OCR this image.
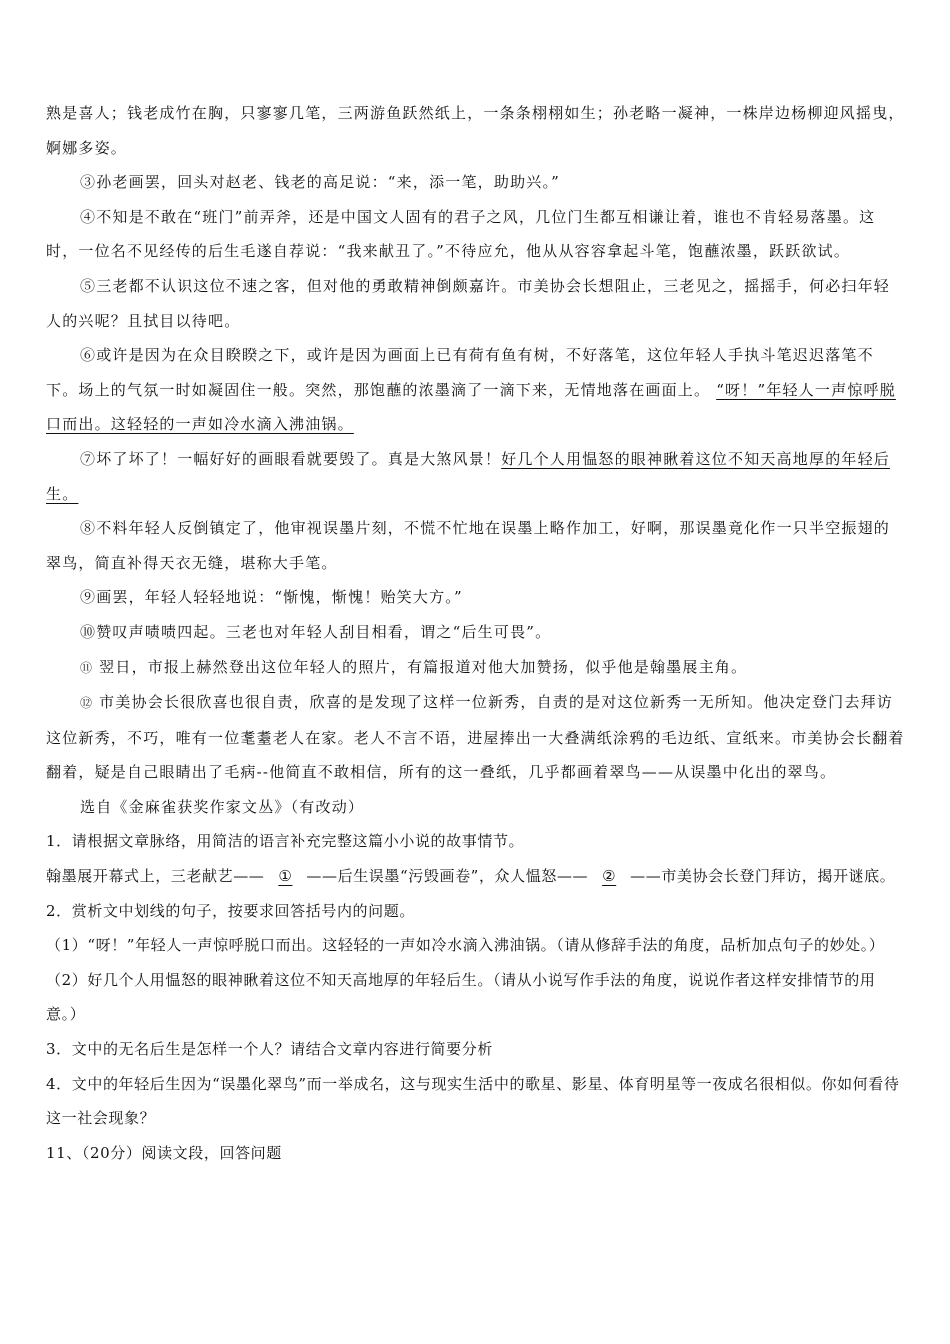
熟是喜人；钱老成竹在胸，只寥寥几笔，三两游鱼跃然纸上，一条条栩栩如生；孙老略一凝神，一株岸边杨柳迎风摇曳，婀娜多姿。

③孙老画罢，回头对赵老、钱老的高足说：“来，添一笔，助助兴。”

④不知是不敢在“班门”前弄斧，还是中国文人固有的君子之风，几位门生都互相谦让着，谁也不肯轻易落墨。这时，一位名不见经传的后生毛遂自荐说：“我来献丑了。”不待应允，他从从容容拿起斗笔，饱蘸浓墨，跃跃欲试。

⑤三老都不认识这位不速之客，但对他的勇敢精神倒颇嘉许。市美协会长想阻止，三老见之，摇摇手，何必扫年轻人的兴呢？且拭目以待吧。

⑥或许是因为在众目睽睽之下，或许是因为画面上已有荷有鱼有树，不好落笔，这位年轻人手执斗笔迟迟落笔不下。场上的气氛一时如凝固住一般。突然，那饱蘸的浓墨滴了一滴下来，无情地落在画面上。 “呀！”年轻人一声惊呼脱口而出。这轻轻的一声如冷水滴入沸油锅。

⑦坏了坏了！一幅好好的画眼看就要毁了。真是大煞风景！好几个人用愠怒的眼神瞅着这位不知天高地厚的年轻后生。

⑧不料年轻人反倒镇定了，他审视误墨片刻，不慌不忙地在误墨上略作加工，好啊，那误墨竟化作一只半空振翅的翠鸟，简直补得天衣无缝，堪称大手笔。

⑨画罢，年轻人轻轻地说：“惭愧，惭愧！贻笑大方。”

⑩赞叹声啧啧四起。三老也对年轻人刮目相看，谓之“后生可畏”。

⑪ 翌日，市报上赫然登出这位年轻人的照片，有篇报道对他大加赞扬，似乎他是翰墨展主角。

⑫ 市美协会长很欣喜也很自责，欣喜的是发现了这样一位新秀，自责的是对这位新秀一无所知。他决定登门去拜访这位新秀，不巧，唯有一位耄耋老人在家。老人不言不语，进屋捧出一大叠满纸涂鸦的毛边纸、宣纸来。市美协会长翻着翻着，疑是自己眼睛出了毛病--他简直不敢相信，所有的这一叠纸，几乎都画着翠鸟——从误墨中化出的翠鸟。

选自《金麻雀获奖作家文丛》（有改动）

1．请根据文章脉络，用简洁的语言补充完整这篇小小说的故事情节。

翰墨展开幕式上，三老献艺—— ① ——后生误墨“污毁画卷”，众人愠怒—— ② ——市美协会长登门拜访，揭开谜底。

2．赏析文中划线的句子，按要求回答括号内的问题。

（1）“呀！”年轻人一声惊呼脱口而出。这轻轻的一声如冷水滴入沸油锅。（请从修辞手法的角度，品析加点句子的妙处。）

（2）好几个人用愠怒的眼神瞅着这位不知天高地厚的年轻后生。（请从小说写作手法的角度，说说作者这样安排情节的用意。）

3．文中的无名后生是怎样一个人？请结合文章内容进行简要分析

4．文中的年轻后生因为“误墨化翠鸟”而一举成名，这与现实生活中的歌星、影星、体育明星等一夜成名很相似。你如何看待这一社会现象？

11、（20分）阅读文段，回答问题
